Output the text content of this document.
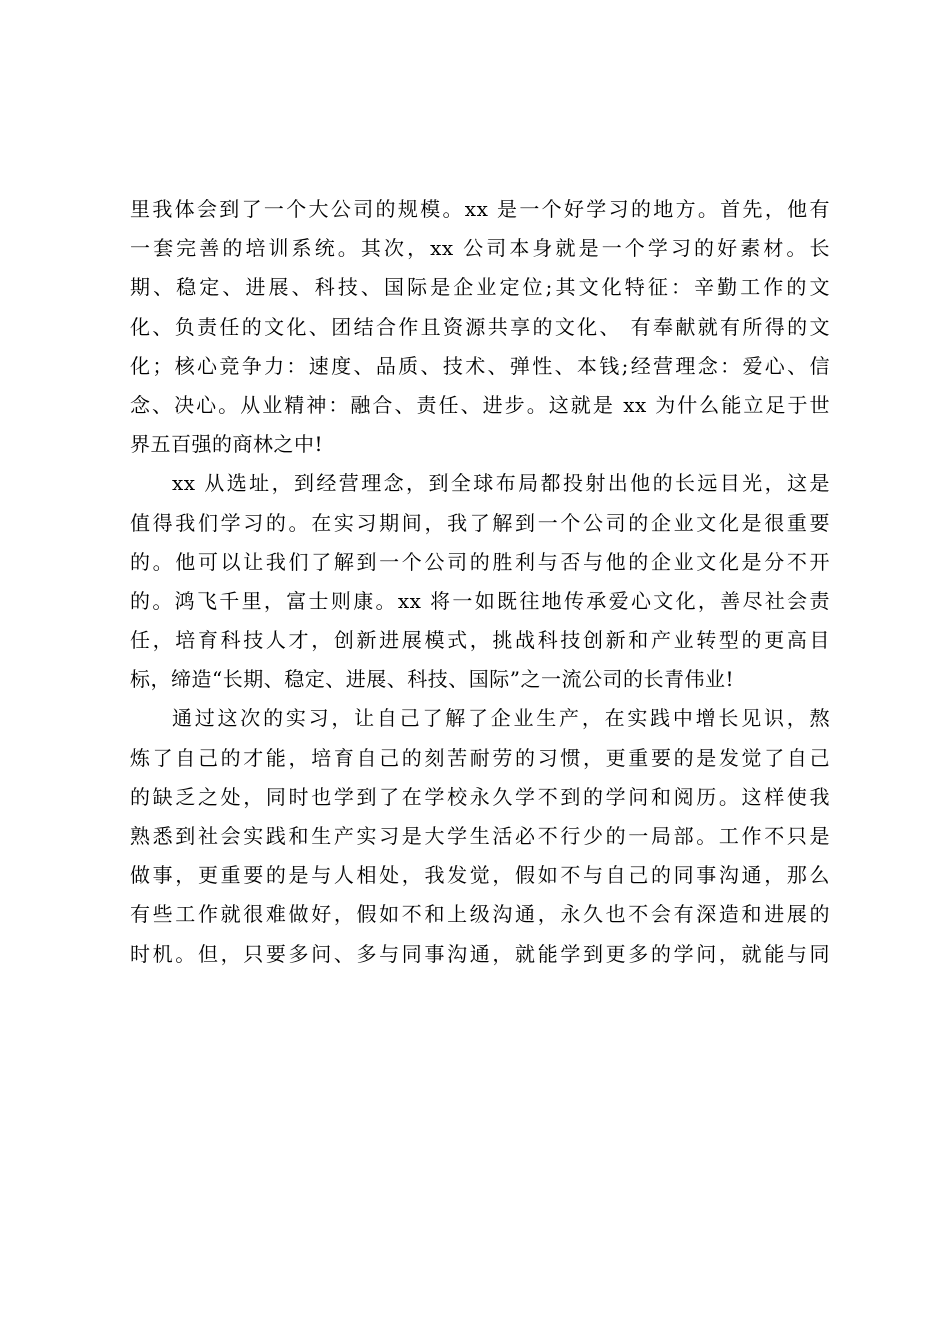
里我体会到了一个大公司的规模。xx 是一个好学习的地方。首先，他有
一套完善的培训系统。其次，xx 公司本身就是一个学习的好素材。长
期、稳定、进展、科技、国际是企业定位;其文化特征：辛勤工作的文
化、负责任的文化、团结合作且资源共享的文化、 有奉献就有所得的文
化；核心竞争力：速度、品质、技术、弹性、本钱;经营理念：爱心、信
念、决心。从业精神：融合、责任、进步。这就是 xx 为什么能立足于世
界五百强的商林之中!
xx 从选址，到经营理念，到全球布局都投射出他的长远目光，这是
值得我们学习的。在实习期间，我了解到一个公司的企业文化是很重要
的。他可以让我们了解到一个公司的胜利与否与他的企业文化是分不开
的。鸿飞千里，富士则康。xx 将一如既往地传承爱心文化，善尽社会责
任，培育科技人才，创新进展模式，挑战科技创新和产业转型的更高目
标，缔造“长期、稳定、进展、科技、国际”之一流公司的长青伟业!
通过这次的实习，让自己了解了企业生产，在实践中增长见识，熬
炼了自己的才能，培育自己的刻苦耐劳的习惯，更重要的是发觉了自己
的缺乏之处，同时也学到了在学校永久学不到的学问和阅历。这样使我
熟悉到社会实践和生产实习是大学生活必不行少的一局部。工作不只是
做事，更重要的是与人相处，我发觉，假如不与自己的同事沟通，那么
有些工作就很难做好，假如不和上级沟通，永久也不会有深造和进展的
时机。但，只要多问、多与同事沟通，就能学到更多的学问，就能与同
